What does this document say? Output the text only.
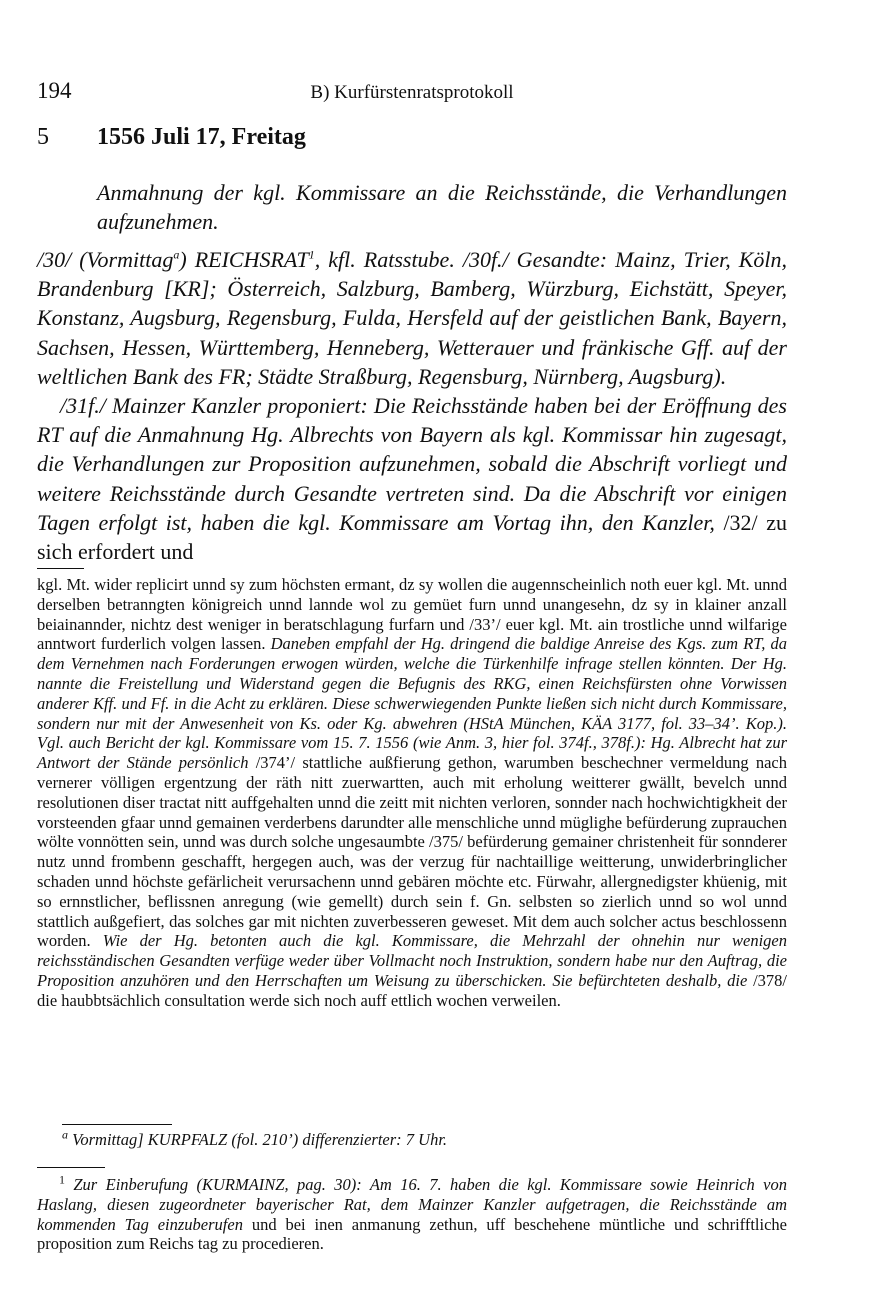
194	B) Kurfürstenratsprotokoll
5 1556 Juli 17, Freitag
Anmahnung der kgl. Kommissare an die Reichsstände, die Verhandlungen aufzunehmen.

/30/ (Vormittag$^a$) REICHSRAT$^1$, kfl. Ratsstube. /30f./ Gesandte: Mainz, Trier, Köln, Brandenburg [KR]; Österreich, Salzburg, Bamberg, Würzburg, Eichstätt, Speyer, Konstanz, Augsburg, Regensburg, Fulda, Hersfeld auf der geistlichen Bank, Bayern, Sachsen, Hessen, Württemberg, Henneberg, Wetterauer und fränkische Gff. auf der weltlichen Bank des FR; Städte Straßburg, Regensburg, Nürnberg, Augsburg).

/31f./ Mainzer Kanzler proponiert: Die Reichsstände haben bei der Eröffnung des RT auf die Anmahnung Hg. Albrechts von Bayern als kgl. Kommissar hin zugesagt, die Verhandlungen zur Proposition aufzunehmen, sobald die Abschrift vorliegt und weitere Reichsstände durch Gesandte vertreten sind. Da die Abschrift vor einigen Tagen erfolgt ist, haben die kgl. Kommissare am Vortag ihn, den Kanzler, /32/ zu sich erfordert und

kgl. Mt. wider replicirt unnd sy zum höchsten ermant, dz sy wollen die augennscheinlich noth euer kgl. Mt. unnd derselben betranngten königreich unnd lannde wol zu gemüet furn unnd unangesehn, dz sy in klainer anzall beiainannder, nichtz dest weniger in beratschlagung furfarn und /33’/ euer kgl. Mt. ain trostliche unnd wilfarige anntwort furderlich volgen lassen. Daneben empfahl der Hg. dringend die baldige Anreise des Kgs. zum RT, da dem Vernehmen nach Forderungen erwogen würden, welche die Türkenhilfe infrage stellen könnten. Der Hg. nannte die Freistellung und Widerstand gegen die Befugnis des RKG, einen Reichsfürsten ohne Vorwissen anderer Kff. und Ff. in die Acht zu erklären. Diese schwerwiegenden Punkte ließen sich nicht durch Kommissare, sondern nur mit der Anwesenheit von Ks. oder Kg. abwehren (HStA München, KÄA 3177, fol. 33–34’. Kop.). Vgl. auch Bericht der kgl. Kommissare vom 15. 7. 1556 (wie Anm. 3, hier fol. 374f., 378f.): Hg. Albrecht hat zur Antwort der Stände persönlich /374’/ stattliche außfierung gethon, warumben beschechner vermeldung nach vernerer völligen ergentzung der räth nitt zuerwartten, auch mit erholung weitterer gwällt, bevelch unnd resolutionen diser tractat nitt auffgehalten unnd die zeitt mit nichten verloren, sonnder nach hochwichtigkheit der vorsteenden gfaar unnd gemainen verderbens darundter alle menschliche unnd müglighe befürderung zuprauchen wölte vonnötten sein, unnd was durch solche ungesaumbte /375/ befürderung gemainer christenheit für sonnderer nutz unnd frombenn geschafft, hergegen auch, was der verzug für nachtaillige weitterung, unwiderbringlicher schaden unnd höchste gefärlicheit verursachenn unnd gebären möchte etc. Fürwahr, allergnedigster khüenig, mit so ernnstlicher, beflissnen anregung (wie gemellt) durch sein f. Gn. selbsten so zierlich unnd so wol unnd stattlich außgefiert, das solches gar mit nichten zuverbesseren geweset. Mit dem auch solcher actus beschlossenn worden. Wie der Hg. betonten auch die kgl. Kommissare, die Mehrzahl der ohnehin nur wenigen reichsständischen Gesandten verfüge weder über Vollmacht noch Instruktion, sondern habe nur den Auftrag, die Proposition anzuhören und den Herrschaften um Weisung zu überschicken. Sie befürchteten deshalb, die /378/ die haubbtsächlich consultation werde sich noch auff ettlich wochen verweilen.

$^a$ Vormittag] KURPFALZ (fol. 210’) differenzierter: 7 Uhr.

$^1$ Zur Einberufung (KURMAINZ, pag. 30): Am 16. 7. haben die kgl. Kommissare sowie Heinrich von Haslang, diesen zugeordneter bayerischer Rat, dem Mainzer Kanzler aufgetragen, die Reichsstände am kommenden Tag einzuberufen und bei inen anmanung zethun, uff beschehene müntliche und schrifftliche proposition zum Reichs tag zu procedieren.
